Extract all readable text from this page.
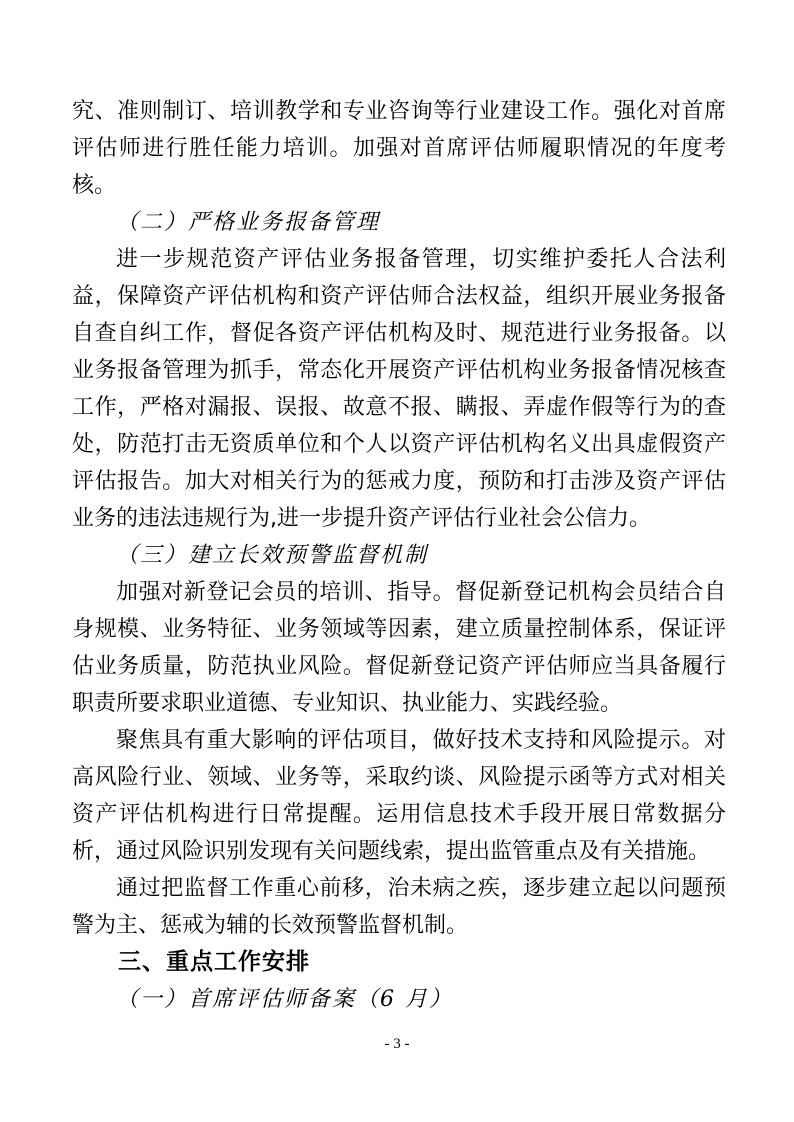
究、准则制订、培训教学和专业咨询等行业建设工作。强化对首席评估师进行胜任能力培训。加强对首席评估师履职情况的年度考核。

（二）严格业务报备管理

进一步规范资产评估业务报备管理，切实维护委托人合法利益，保障资产评估机构和资产评估师合法权益，组织开展业务报备自查自纠工作，督促各资产评估机构及时、规范进行业务报备。以业务报备管理为抓手，常态化开展资产评估机构业务报备情况核查工作，严格对漏报、误报、故意不报、瞒报、弄虚作假等行为的查处，防范打击无资质单位和个人以资产评估机构名义出具虚假资产评估报告。加大对相关行为的惩戒力度，预防和打击涉及资产评估业务的违法违规行为,进一步提升资产评估行业社会公信力。

（三）建立长效预警监督机制

加强对新登记会员的培训、指导。督促新登记机构会员结合自身规模、业务特征、业务领域等因素，建立质量控制体系，保证评估业务质量，防范执业风险。督促新登记资产评估师应当具备履行职责所要求职业道德、专业知识、执业能力、实践经验。

聚焦具有重大影响的评估项目，做好技术支持和风险提示。对高风险行业、领域、业务等，采取约谈、风险提示函等方式对相关资产评估机构进行日常提醒。运用信息技术手段开展日常数据分析，通过风险识别发现有关问题线索，提出监管重点及有关措施。

通过把监督工作重心前移，治未病之疾，逐步建立起以问题预警为主、惩戒为辅的长效预警监督机制。

三、重点工作安排

（一）首席评估师备案（6 月）

- 3 -
